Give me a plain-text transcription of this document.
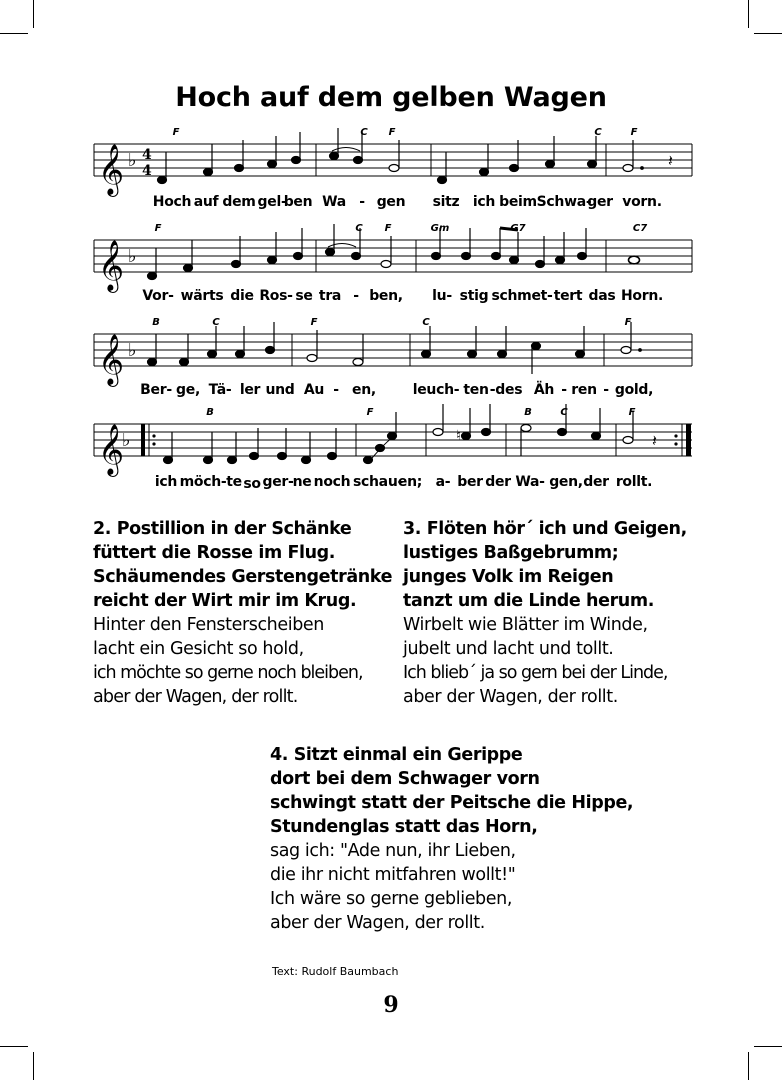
Hoch auf dem gelben Wagen
𝄞 ♭ 4
4
𝄽
F	C F	C	F
Hoch auf dem gel-
ben Wa - gen sitz ich beim Schwa-
ger vorn.
𝄞 ♭
F	C F	Gm	G7	C7
Vor- wärts die Ros- se tra - ben, lu- stig schmet- tert das Horn.
𝄞 ♭
B	C	F	C	F
Ber- ge, Tä- ler und Au - en,	leuch- ten -des Äh - ren - gold,
𝄞
♭	♮	𝄽
B	F	B	C	F
ich möch- te so ger- ne noch schau-
en; a- ber der Wa- gen, der rollt.
2. Postillion in der Schänke
füttert die Rosse im Flug.
Schäumendes Gerstengetränke
reicht der Wirt mir im Krug.
Hinter den Fensterscheiben
lacht ein Gesicht so hold,
ich möchte so gerne noch bleiben,
aber der Wagen, der rollt.
3. Flöten hör´ ich und Geigen,
lustiges Baßgebrumm;
junges Volk im Reigen
tanzt um die Linde herum.
Wirbelt wie Blätter im Winde,
jubelt und lacht und tollt.
Ich blieb´ ja so gern bei der Linde,
aber der Wagen, der rollt.
4. Sitzt einmal ein Gerippe
dort bei dem Schwager vorn
schwingt statt der Peitsche die Hippe,
Stundenglas statt das Horn,
sag ich: "Ade nun, ihr Lieben,
die ihr nicht mitfahren wollt!"
Ich wäre so gerne geblieben,
aber der Wagen, der rollt.
Text: Rudolf Baumbach
9
